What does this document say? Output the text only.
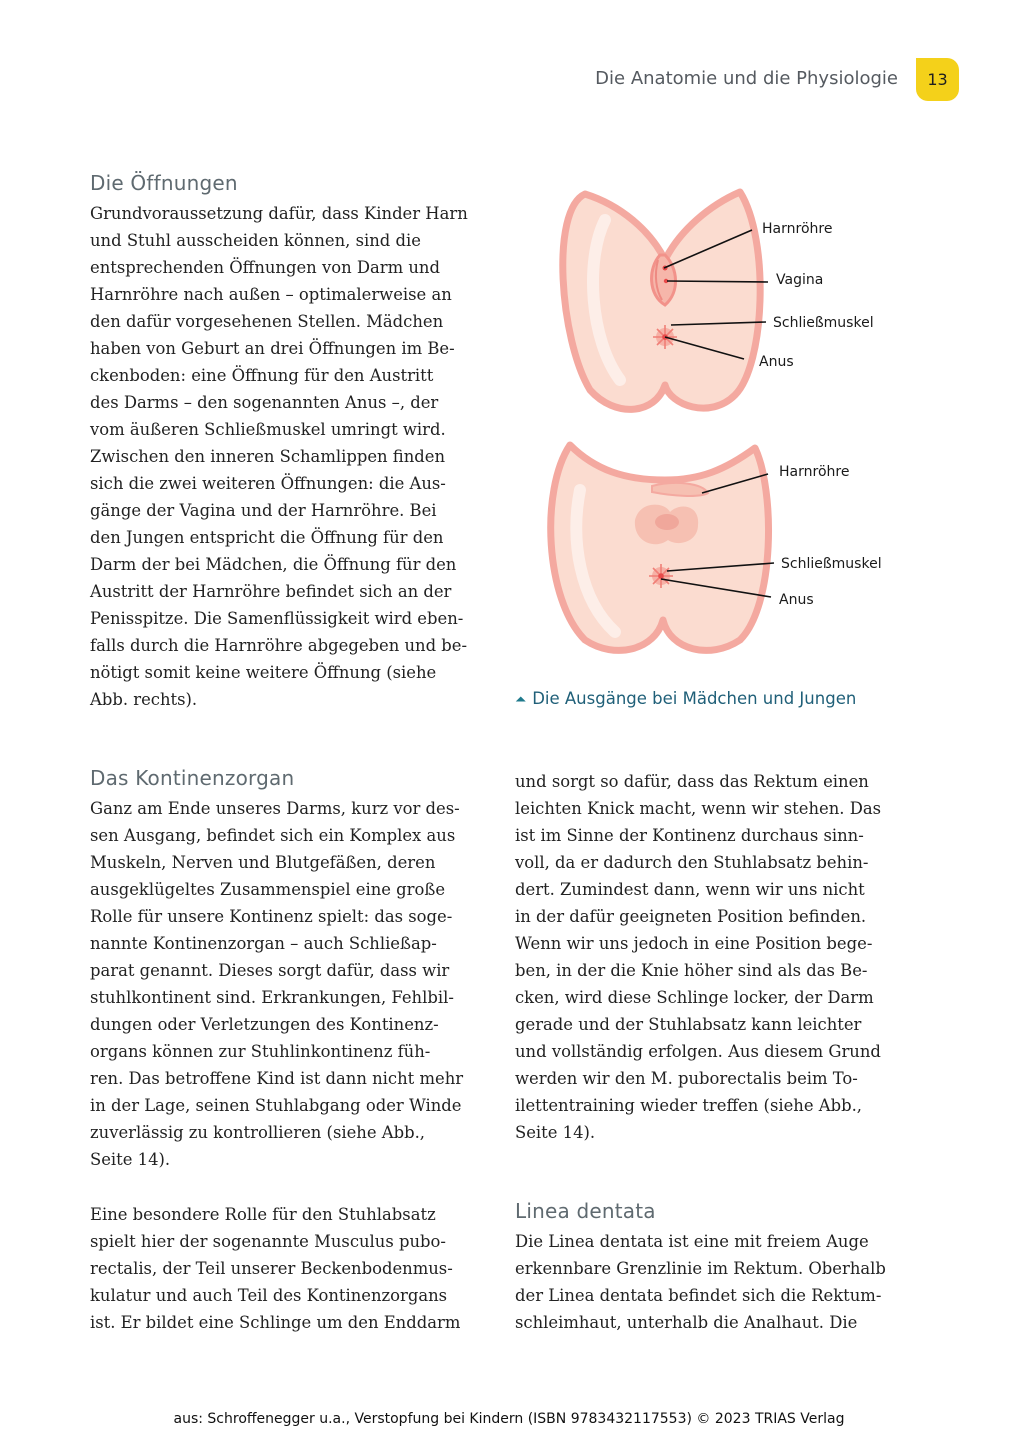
Die Anatomie und die Physiologie	13
Die Öffnungen
Grundvoraussetzung dafür, dass Kinder Harn
und Stuhl ausscheiden können, sind die
entsprechenden Öffnungen von Darm und
Harnröhre nach außen – optimalerweise an
den dafür vorgesehenen Stellen. Mädchen
haben von Geburt an drei Öffnungen im Be-
ckenboden: eine Öffnung für den Austritt
des Darms – den sogenannten Anus –, der
vom äußeren Schließmuskel umringt wird.
Zwischen den inneren Schamlippen finden
sich die zwei weiteren Öffnungen: die Aus-
gänge der Vagina und der Harnröhre. Bei
den Jungen entspricht die Öffnung für den
Darm der bei Mädchen, die Öffnung für den
Austritt der Harnröhre befindet sich an der
Penisspitze. Die Samenflüssigkeit wird eben-
falls durch die Harnröhre abgegeben und be-
nötigt somit keine weitere Öffnung (siehe
Abb. rechts).
Harnröhre
Vagina
Schließmuskel
Anus
Harnröhre
Schließmuskel
Anus
⏶ Die Ausgänge bei Mädchen und Jungen
Das Kontinenzorgan
Ganz am Ende unseres Darms, kurz vor des-
sen Ausgang, befindet sich ein Komplex aus
Muskeln, Nerven und Blutgefäßen, deren
ausgeklügeltes Zusammenspiel eine große
Rolle für unsere Kontinenz spielt: das soge-
nannte Kontinenzorgan – auch Schließap-
parat genannt. Dieses sorgt dafür, dass wir
stuhlkontinent sind. Erkrankungen, Fehlbil-
dungen oder Verletzungen des Kontinenz-
organs können zur Stuhlinkontinenz füh-
ren. Das betroffene Kind ist dann nicht mehr
in der Lage, seinen Stuhlabgang oder Winde
zuverlässig zu kontrollieren (siehe Abb.,
Seite 14).
Eine besondere Rolle für den Stuhlabsatz
spielt hier der sogenannte Musculus pubo-
rectalis, der Teil unserer Beckenbodenmus-
kulatur und auch Teil des Kontinenzorgans
ist. Er bildet eine Schlinge um den Enddarm
und sorgt so dafür, dass das Rektum einen
leichten Knick macht, wenn wir stehen. Das
ist im Sinne der Kontinenz durchaus sinn-
voll, da er dadurch den Stuhlabsatz behin-
dert. Zumindest dann, wenn wir uns nicht
in der dafür geeigneten Position befinden.
Wenn wir uns jedoch in eine Position bege-
ben, in der die Knie höher sind als das Be-
cken, wird diese Schlinge locker, der Darm
gerade und der Stuhlabsatz kann leichter
und vollständig erfolgen. Aus diesem Grund
werden wir den M. puborectalis beim To-
ilettentraining wieder treffen (siehe Abb.,
Seite 14).
Linea dentata
Die Linea dentata ist eine mit freiem Auge
erkennbare Grenzlinie im Rektum. Oberhalb
der Linea dentata befindet sich die Rektum-
schleimhaut, unterhalb die Analhaut. Die
aus: Schroffenegger u.a., Verstopfung bei Kindern (ISBN 9783432117553) © 2023 TRIAS Verlag
